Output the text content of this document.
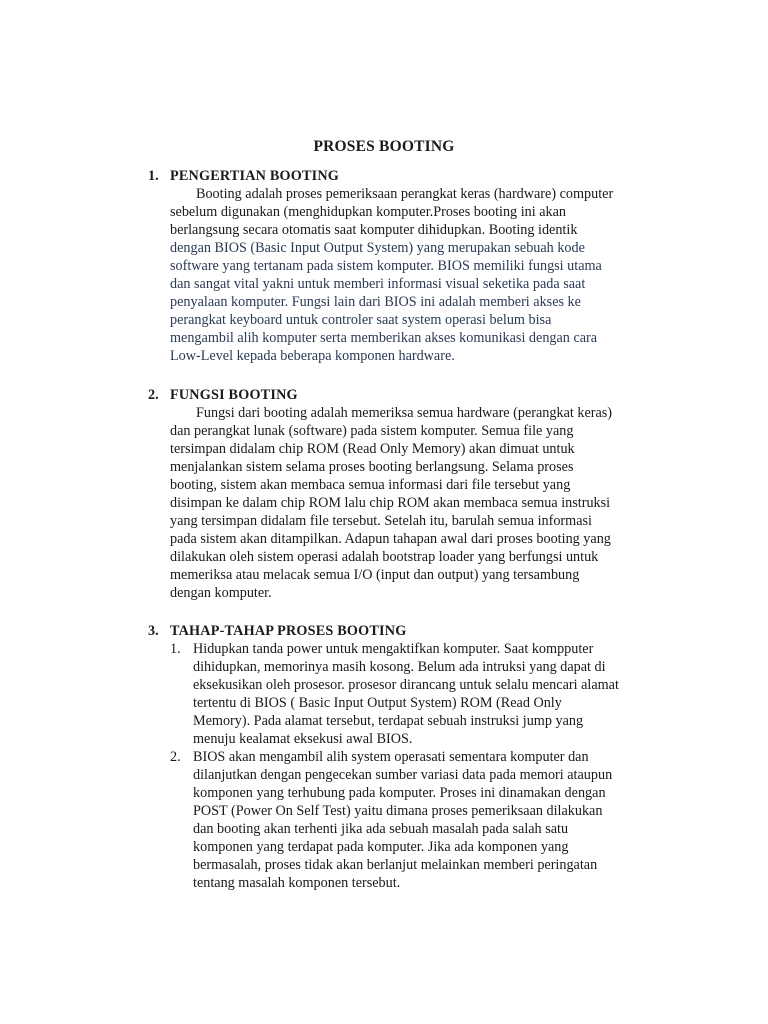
PROSES BOOTING
1. PENGERTIAN BOOTING
Booting adalah proses pemeriksaan perangkat keras (hardware) computer
sebelum digunakan (menghidupkan komputer.Proses booting ini akan
berlangsung secara otomatis saat komputer dihidupkan. Booting identik
dengan BIOS (Basic Input Output System) yang merupakan sebuah kode
software yang tertanam pada sistem komputer. BIOS memiliki fungsi utama
dan sangat vital yakni untuk memberi informasi visual seketika pada saat
penyalaan komputer. Fungsi lain dari BIOS ini adalah memberi akses ke
perangkat keyboard untuk controler saat system operasi belum bisa
mengambil alih komputer serta memberikan akses komunikasi dengan cara
Low-Level kepada beberapa komponen hardware.
2. FUNGSI BOOTING
Fungsi dari booting adalah memeriksa semua hardware (perangkat keras)
dan perangkat lunak (software) pada sistem komputer. Semua file yang
tersimpan didalam chip ROM (Read Only Memory) akan dimuat untuk
menjalankan sistem selama proses booting berlangsung. Selama proses
booting, sistem akan membaca semua informasi dari file tersebut yang
disimpan ke dalam chip ROM lalu chip ROM akan membaca semua instruksi
yang tersimpan didalam file tersebut. Setelah itu, barulah semua informasi
pada sistem akan ditampilkan. Adapun tahapan awal dari proses booting yang
dilakukan oleh sistem operasi adalah bootstrap loader yang berfungsi untuk
memeriksa atau melacak semua I/O (input dan output) yang tersambung
dengan komputer.
3. TAHAP-TAHAP PROSES BOOTING
1. Hidupkan tanda power untuk mengaktifkan komputer. Saat kompputer
dihidupkan, memorinya masih kosong. Belum ada intruksi yang dapat di
eksekusikan oleh prosesor. prosesor dirancang untuk selalu mencari alamat
tertentu di BIOS ( Basic Input Output System) ROM (Read Only
Memory). Pada alamat tersebut, terdapat sebuah instruksi jump yang
menuju kealamat eksekusi awal BIOS.
2. BIOS akan mengambil alih system operasati sementara komputer dan
dilanjutkan dengan pengecekan sumber variasi data pada memori ataupun
komponen yang terhubung pada komputer. Proses ini dinamakan dengan
POST (Power On Self Test) yaitu dimana proses pemeriksaan dilakukan
dan booting akan terhenti jika ada sebuah masalah pada salah satu
komponen yang terdapat pada komputer. Jika ada komponen yang
bermasalah, proses tidak akan berlanjut melainkan memberi peringatan
tentang masalah komponen tersebut.
